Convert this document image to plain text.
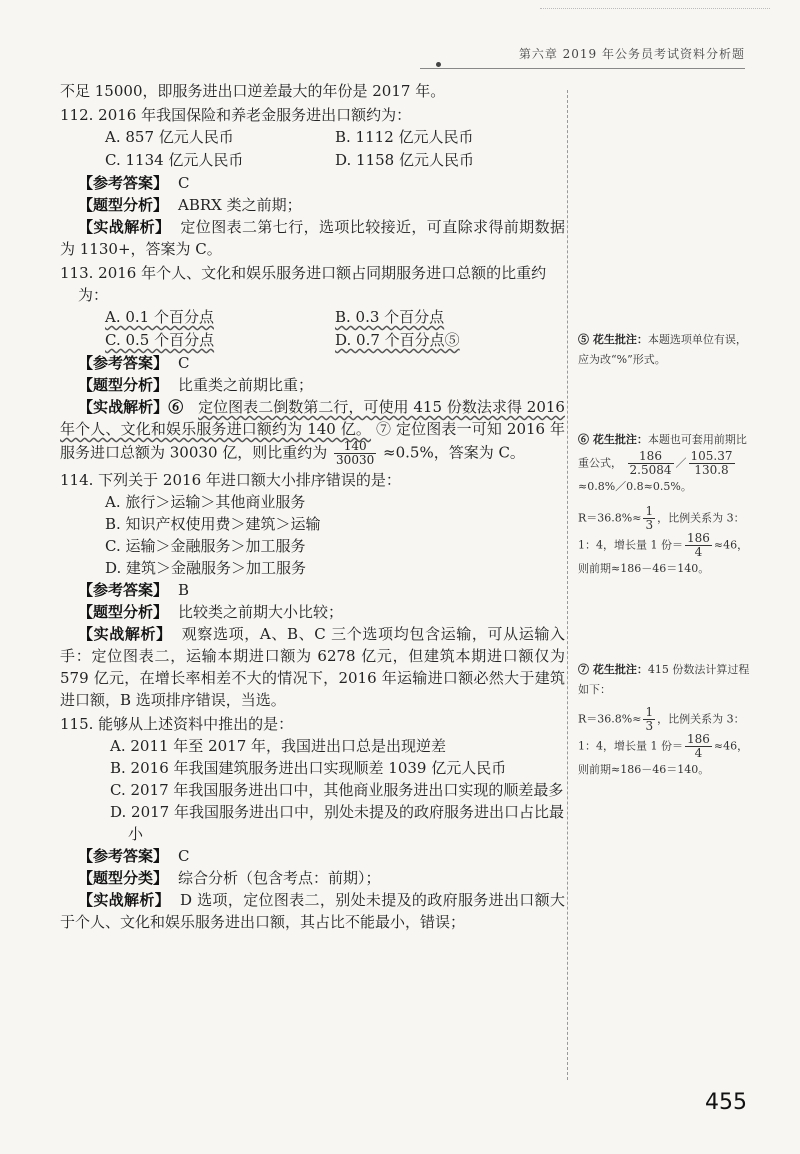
第六章 2019 年公务员考试资料分析题
不足 15000，即服务进出口逆差最大的年份是 2017 年。
112. 2016 年我国保险和养老金服务进出口额约为：
A. 857 亿元人民币	B. 1112 亿元人民币
C. 1134 亿元人民币	D. 1158 亿元人民币
【参考答案】 C
【题型分析】 ABRX 类之前期；
【实战解析】 定位图表二第七行，选项比较接近，可直除求得前期数据为 1130+，答案为 C。
113. 2016 年个人、文化和娱乐服务进口额占同期服务进口总额的比重约为：
A. 0.1 个百分点	B. 0.3 个百分点
C. 0.5 个百分点	D. 0.7 个百分点⑤
【参考答案】 C
【题型分析】 比重类之前期比重；
【实战解析】⑥ 定位图表二倒数第二行，可使用 415 份数法求得 2016 年个人、文化和娱乐服务进口额约为 140 亿。 ⑦ 定位图表一可知 2016 年服务进口总额为 30030 亿，则比重约为 $\frac{140}{30030} \approx 0.5\%$，答案为 C。
114. 下列关于 2016 年进口额大小排序错误的是：
A. 旅行＞运输＞其他商业服务
B. 知识产权使用费＞建筑＞运输
C. 运输＞金融服务＞加工服务
D. 建筑＞金融服务＞加工服务
【参考答案】 B
【题型分析】 比较类之前期大小比较；
【实战解析】 观察选项，A、B、C 三个选项均包含运输，可从运输入手：定位图表二，运输本期进口额为 6278 亿元，但建筑本期进口额仅为 579 亿元，在增长率相差不大的情况下，2016 年运输进口额必然大于建筑进口额，B 选项排序错误，当选。
115. 能够从上述资料中推出的是：
A. 2011 年至 2017 年，我国进出口总是出现逆差
B. 2016 年我国建筑服务进出口实现顺差 1039 亿元人民币
C. 2017 年我国服务进出口中，其他商业服务进出口实现的顺差最多
D. 2017 年我国服务进出口中，别处未提及的政府服务进出口占比最小
【参考答案】 C
【题型分类】 综合分析（包含考点：前期）；
【实战解析】 D 选项，定位图表二，别处未提及的政府服务进出口额大于个人、文化和娱乐服务进出口额，其占比不能最小，错误；
⑤ 花生批注：本题选项单位有误，应为改“%”形式。
⑥ 花生批注：本题也可套用前期比重公式， $\frac{186}{2.5084}$ ／ $\frac{105.37}{130.8}$
≈0.8%／0.8≈0.5%。
$R=36.8\%\approx \frac{1}{3}$ ，比例关系为 3：1：4，增长量 1 份＝ $\frac{186}{4} \approx 46$，则前期≈186－46＝140。
⑦ 花生批注：415 份数法计算过程如下：
$R=36.8\%\approx \frac{1}{3}$ ，比例关系为 3：1：4，增长量 1 份＝ $\frac{186}{4} \approx 46$，则前期≈186－46＝140。
455
